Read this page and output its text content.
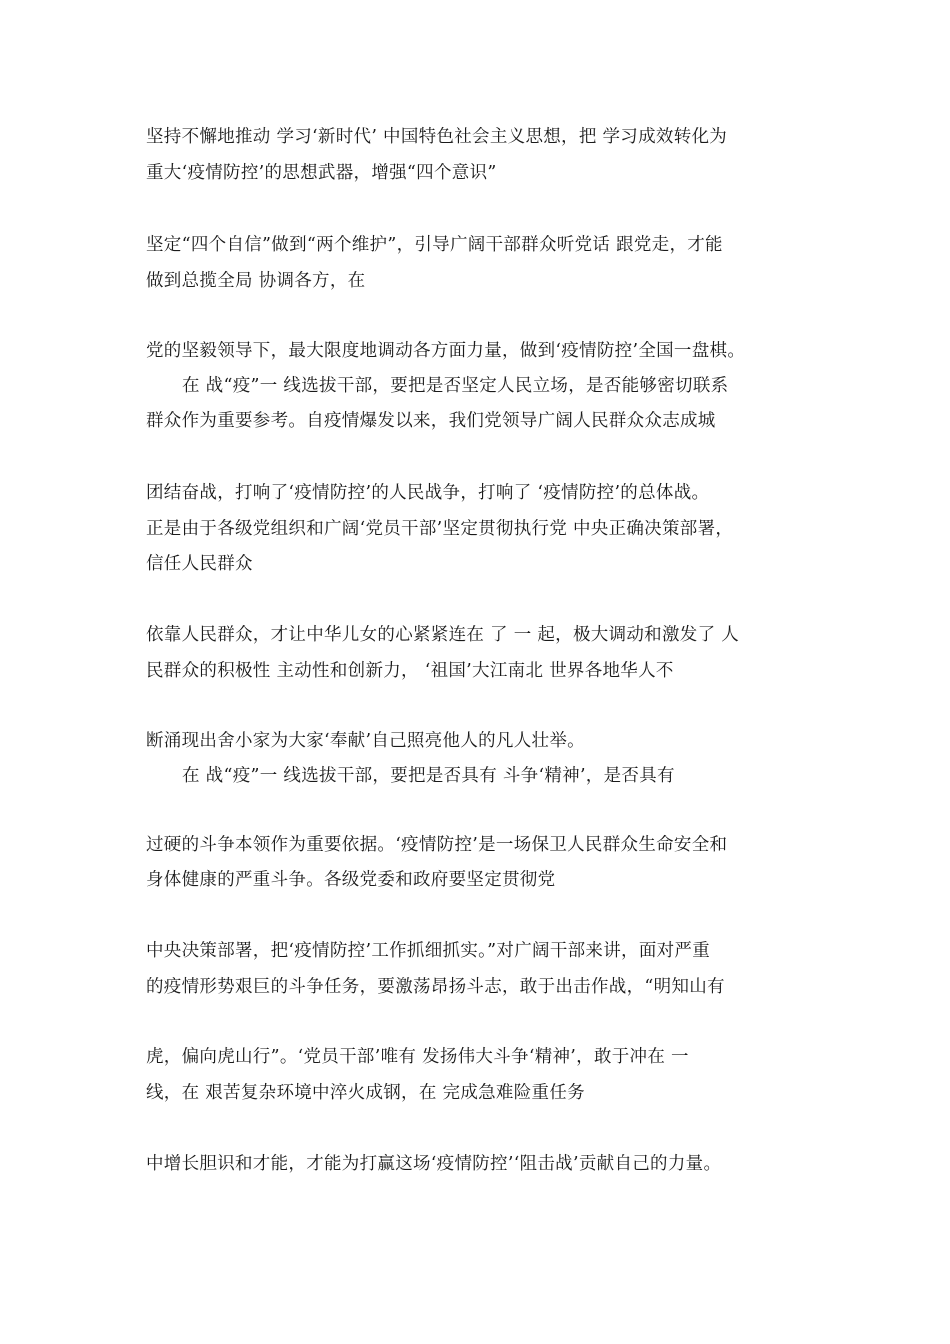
坚持不懈地推动 学习‘新时代’ 中国特色社会主义思想，把 学习成效转化为
重大‘疫情防控’的思想武器，增强“四个意识”
坚定“四个自信”做到“两个维护”，引导广阔干部群众听党话 跟党走，才能
做到总揽全局 协调各方，在
党的坚毅领导下，最大限度地调动各方面力量，做到‘疫情防控’全国一盘棋。
在 战“疫”一 线选拔干部，要把是否坚定人民立场，是否能够密切联系
群众作为重要参考。自疫情爆发以来，我们党领导广阔人民群众众志成城
团结奋战，打响了‘疫情防控’的人民战争，打响了 ‘疫情防控’的总体战。
正是由于各级党组织和广阔‘党员干部’坚定贯彻执行党 中央正确决策部署，
信任人民群众
依靠人民群众，才让中华儿女的心紧紧连在 了 一 起，极大调动和激发了 人
民群众的积极性 主动性和创新力， ‘祖国’大江南北 世界各地华人不
断涌现出舍小家为大家‘奉献’自己照亮他人的凡人壮举。
在 战“疫”一 线选拔干部，要把是否具有 斗争‘精神’，是否具有
过硬的斗争本领作为重要依据。‘疫情防控’是一场保卫人民群众生命安全和
身体健康的严重斗争。各级党委和政府要坚定贯彻党
中央决策部署，把‘疫情防控’工作抓细抓实。”对广阔干部来讲，面对严重
的疫情形势艰巨的斗争任务，要激荡昂扬斗志，敢于出击作战，“明知山有
虎，偏向虎山行”。‘党员干部’唯有 发扬伟大斗争‘精神’，敢于冲在 一
线，在 艰苦复杂环境中淬火成钢，在 完成急难险重任务
中增长胆识和才能，才能为打赢这场‘疫情防控’‘阻击战’贡献自己的力量。
